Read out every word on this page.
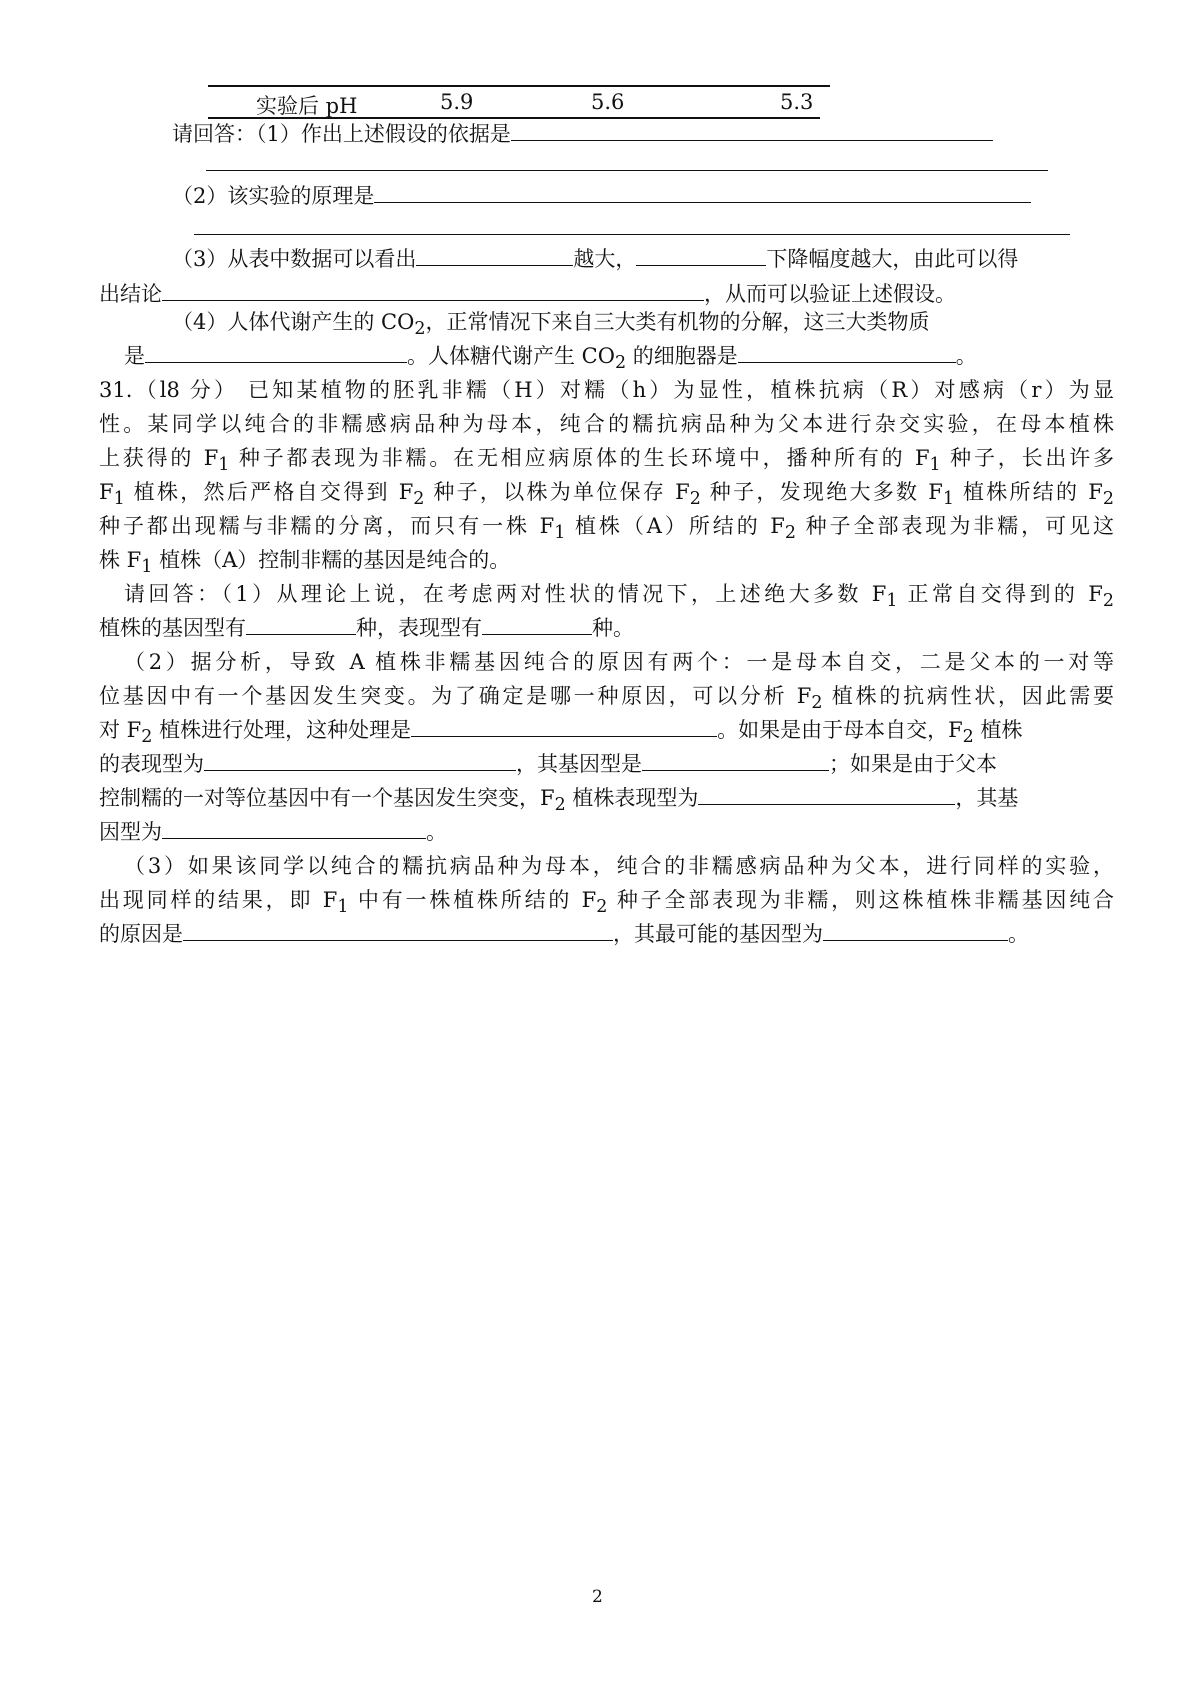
实验后 pH	5.9	5.6	5.3
请回答：（1）作出上述假设的依据是
（2）该实验的原理是
（3）从表中数据可以看出	越大，	下降幅度越大，由此可以得
出结论	，从而可以验证上述假设。
（4）人体代谢产生的 $CO_2$，正常情况下来自三大类有机物的分解，这三大类物质
是	。人体糖代谢产生 $CO_2$ 的细胞器是	。
31.（l8 分） 已知某植物的胚乳非糯（H）对糯（h）为显性，植株抗病（R）对感病（r）为显
性。某同学以纯合的非糯感病品种为母本，纯合的糯抗病品种为父本进行杂交实验，在母本植株
上获得的 $F_1$ 种子都表现为非糯。在无相应病原体的生长环境中，播种所有的 $F_1$ 种子，长出许多
$F_1$ 植株，然后严格自交得到 $F_2$ 种子，以株为单位保存 $F_2$ 种子，发现绝大多数 $F_1$ 植株所结的 $F_2$
种子都出现糯与非糯的分离，而只有一株 $F_1$ 植株（A）所结的 $F_2$ 种子全部表现为非糯，可见这
株 $F_1$ 植株（A）控制非糯的基因是纯合的。
请回答：（1）从理论上说，在考虑两对性状的情况下，上述绝大多数 $F_1$ 正常自交得到的 $F_2$
植株的基因型有	种，表现型有	种。
（2）据分析，导致 A 植株非糯基因纯合的原因有两个：一是母本自交，二是父本的一对等
位基因中有一个基因发生突变。为了确定是哪一种原因，可以分析 $F_2$ 植株的抗病性状，因此需要
对 $F_2$ 植株进行处理，这种处理是	。如果是由于母本自交，$F_2$ 植株
的表现型为	，其基因型是	；如果是由于父本
控制糯的一对等位基因中有一个基因发生突变，$F_2$ 植株表现型为	，其基
因型为	。
（3）如果该同学以纯合的糯抗病品种为母本，纯合的非糯感病品种为父本，进行同样的实验，
出现同样的结果，即 $F_1$ 中有一株植株所结的 $F_2$ 种子全部表现为非糯，则这株植株非糯基因纯合
的原因是	，其最可能的基因型为	。
2
